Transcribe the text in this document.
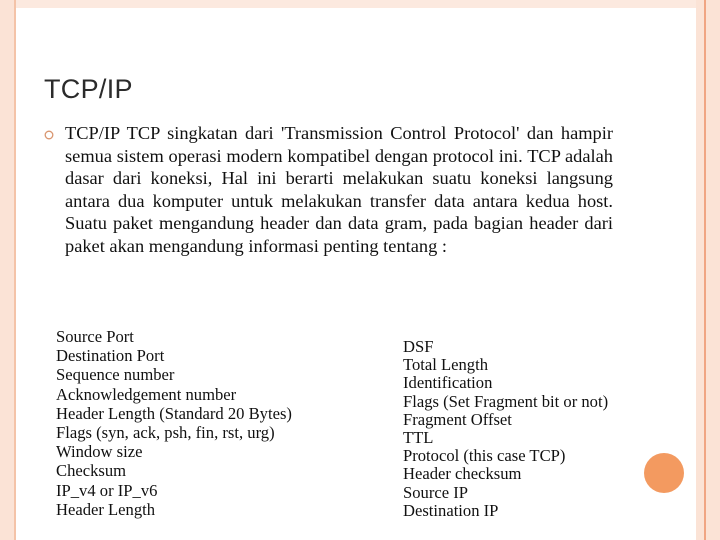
TCP/IP

TCP/IP TCP singkatan dari 'Transmission Control Protocol' dan hampir semua sistem operasi modern kompatibel dengan protocol ini. TCP adalah dasar dari koneksi, Hal ini berarti melakukan suatu koneksi langsung antara dua komputer untuk melakukan transfer data antara kedua host. Suatu paket mengandung header dan data gram, pada bagian header dari paket akan mengandung informasi penting tentang :

Source Port
Destination Port
Sequence number
Acknowledgement number
Header Length (Standard 20 Bytes)
Flags (syn, ack, psh, fin, rst, urg)
Window size
Checksum
IP_v4 or IP_v6
Header Length
DSF
Total Length
Identification
Flags (Set Fragment bit or not)
Fragment Offset
TTL
Protocol (this case TCP)
Header checksum
Source IP
Destination IP
